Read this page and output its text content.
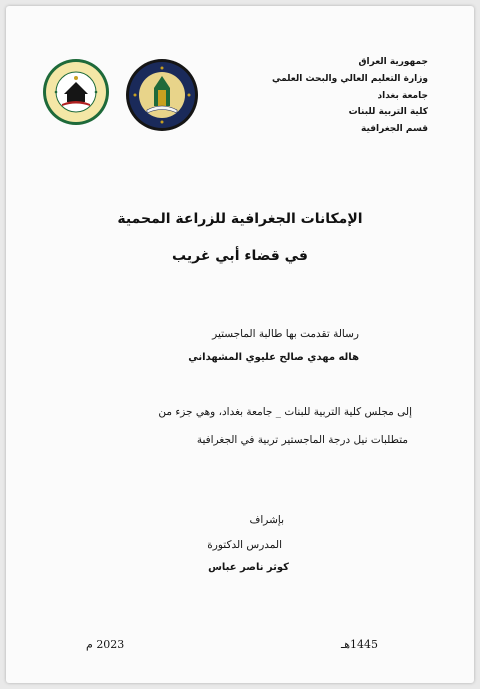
جمهورية العراق
وزارة التعليم العالي والبحث العلمي
جامعة بغداد
كلية التربية للبنات
قسم الجغرافية
الإمكانات الجغرافية للزراعة المحمية
في قضاء أبي غريب
رسالة تقدمت بها طالبة الماجستير
هاله مهدي صالح عليوي المشهداني
إلى مجلس كلية التربية للبنات _ جامعة بغداد، وهي جزء من
متطلبات نيل درجة الماجستير تربية في الجغرافية
بإشراف
المدرس الدكتورة
كوثر ناصر عباس
1445هـ
2023 م
